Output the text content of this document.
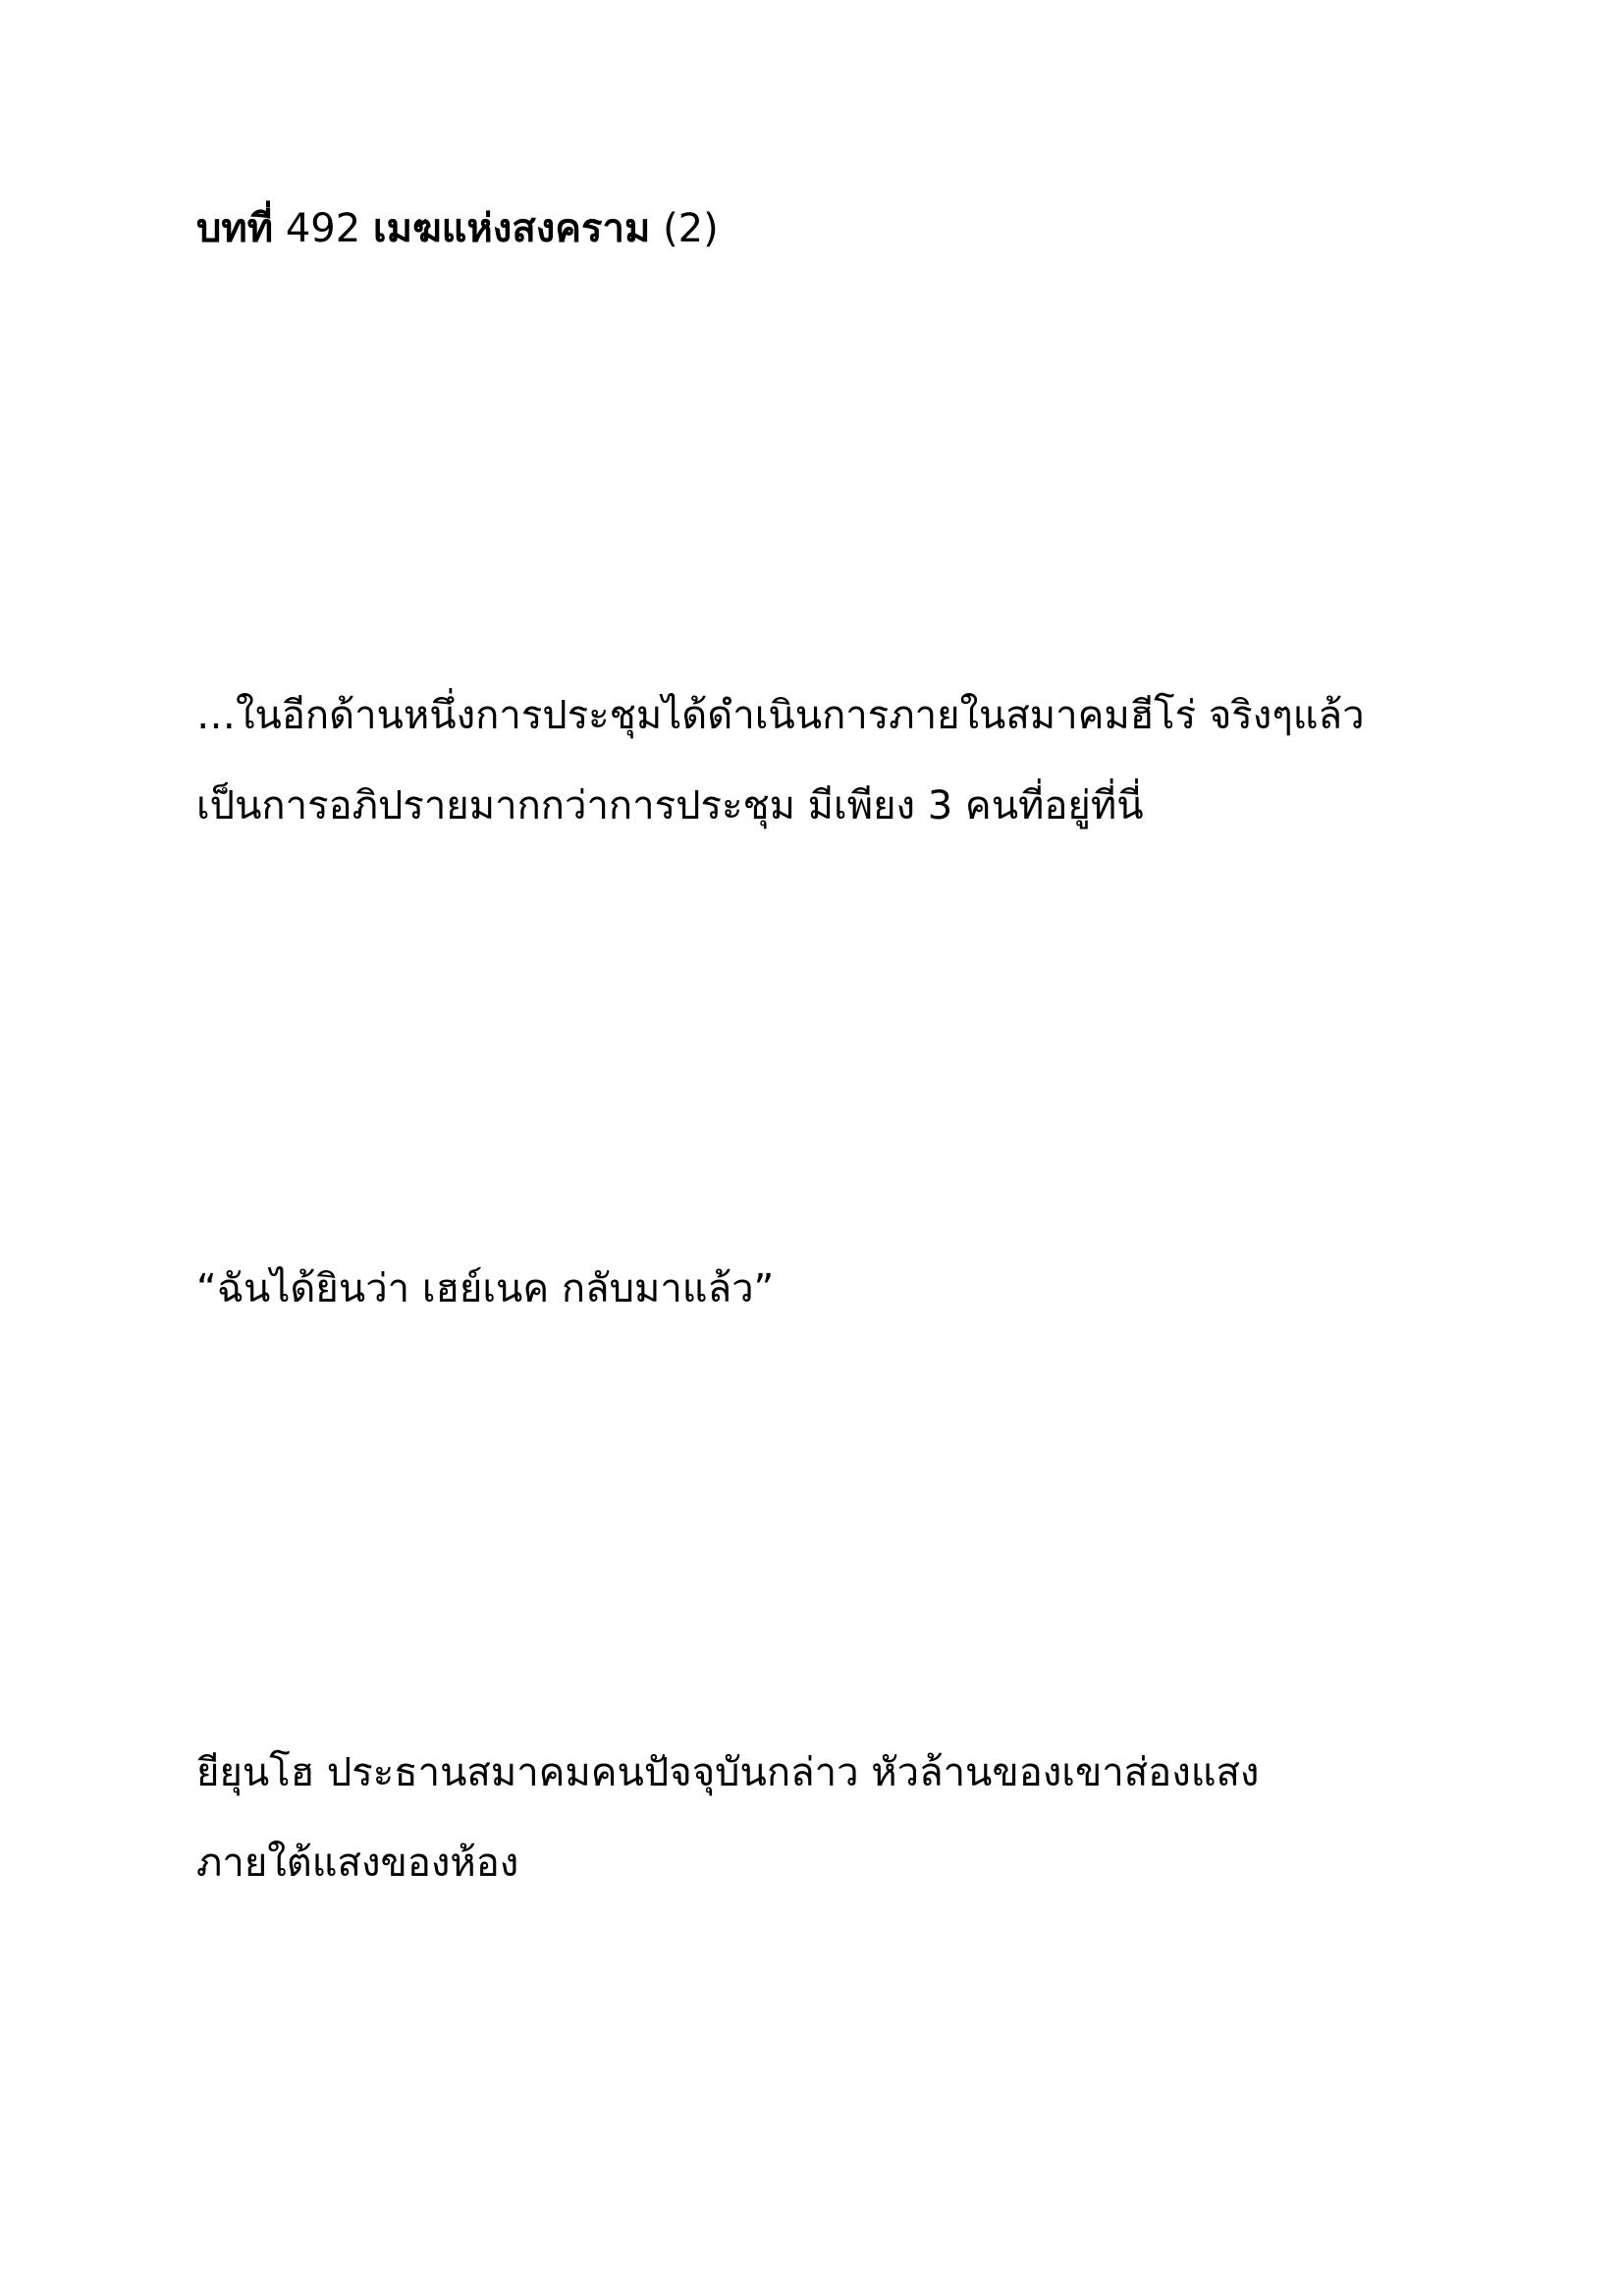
บทที่ 492 เมฆแห่งสงคราม (2)
…ในอีกด้านหนึ่งการประชุมได้ดำเนินการภายในสมาคมฮีโร่ จริงๆแล้ว
เป็นการอภิปรายมากกว่าการประชุม มีเพียง 3 คนที่อยู่ที่นี่
“ฉันได้ยินว่า เฮย์เนค กลับมาแล้ว”
ยียุนโฮ ประธานสมาคมคนปัจจุบันกล่าว หัวล้านของเขาส่องแสง
ภายใต้แสงของห้อง
